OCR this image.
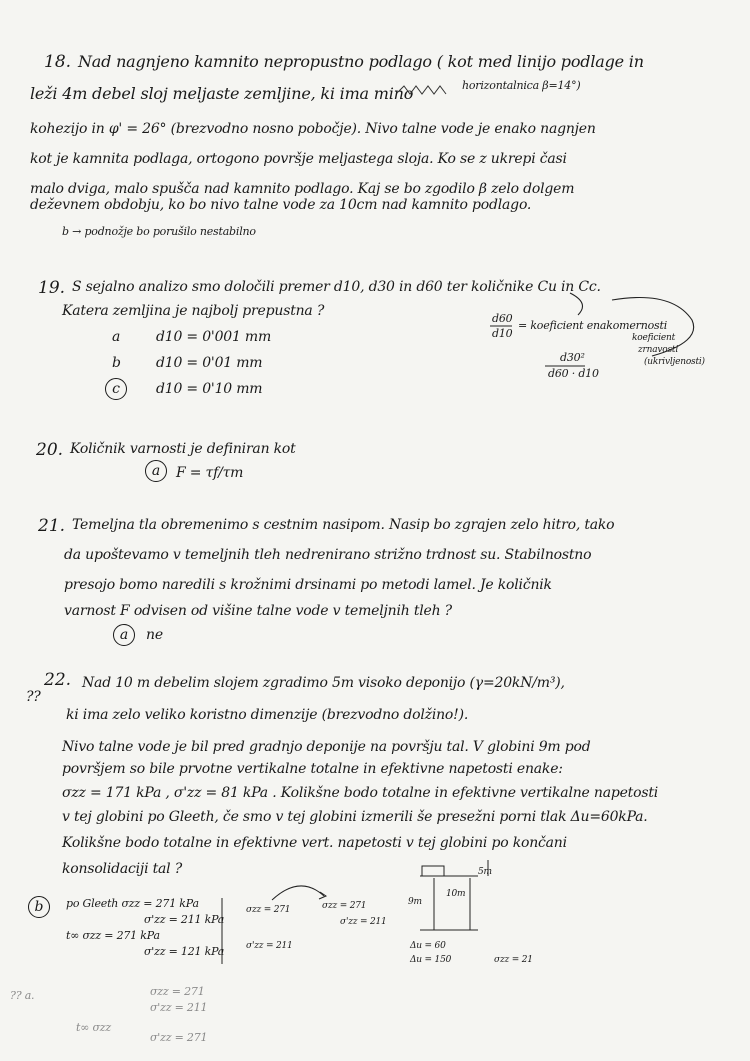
18. Nad nagnjeno kamnito nepropustno podlago ( kot med linijo podlage in
leži 4m debel sloj meljaste zemljine, ki ima mino	horizontalnica β=14°)
kohezijo in φ' = 26° (brezvodno nosno pobočje). Nivo talne vode je enako nagnjen
kot je kamnita podlaga, ortogono površje meljastega sloja. Ko se z ukrepi časi
malo dviga, malo spušča nad kamnito podlago. Kaj se bo zgodilo β zelo dolgem
deževnem obdobju, ko bo nivo talne vode za 10cm nad kamnito podlago.
b → podnožje bo porušilo nestabilno
19. S sejalno analizo smo določili premer d10, d30 in d60 ter količnike Cu in Cc.
Katera zemljina je najbolj prepustna ?
a	d10 = 0'001 mm
b	d10 = 0'01 mm
c	d10 = 0'10 mm
d60
d10
= koeficient enakomernosti
koeficient
zrnavosti
(ukrivljenosti)
d30²
d60 · d10
20. Količnik varnosti je definiran kot
a	F = τf/τm
21. Temeljna tla obremenimo s cestnim nasipom. Nasip bo zgrajen zelo hitro, tako
da upoštevamo v temeljnih tleh nedrenirano strižno trdnost su. Stabilnostno
presojo bomo naredili s krožnimi drsinami po metodi lamel. Je količnik
varnost F odvisen od višine talne vode v temeljnih tleh ?
a	ne
22.
??
Nad 10 m debelim slojem zgradimo 5m visoko deponijo (γ=20kN/m³),
ki ima zelo veliko koristno dimenzije (brezvodno dolžino!).
Nivo talne vode je bil pred gradnjo deponije na površju tal. V globini 9m pod
površjem so bile prvotne vertikalne totalne in efektivne napetosti enake:
σzz = 171 kPa , σ'zz = 81 kPa . Kolikšne bodo totalne in efektivne vertikalne napetosti
v tej globini po Gleeth, če smo v tej globini izmerili še presežni porni tlak Δu=60kPa.
Kolikšne bodo totalne in efektivne vert. napetosti v tej globini po končani
konsolidaciji tal ?
b	po Gleeth σzz = 271 kPa
σ'zz = 211 kPa
t∞ σzz = 271 kPa
σ'zz = 121 kPa
σzz = 271
σ'zz = 211
σzz = 271
σ'zz = 211
Δu = 60
Δu = 150	σzz = 21
5m
10m
9m
?? a.	σzz = 271
σ'zz = 211
t∞ σzz
σ'zz = 271
